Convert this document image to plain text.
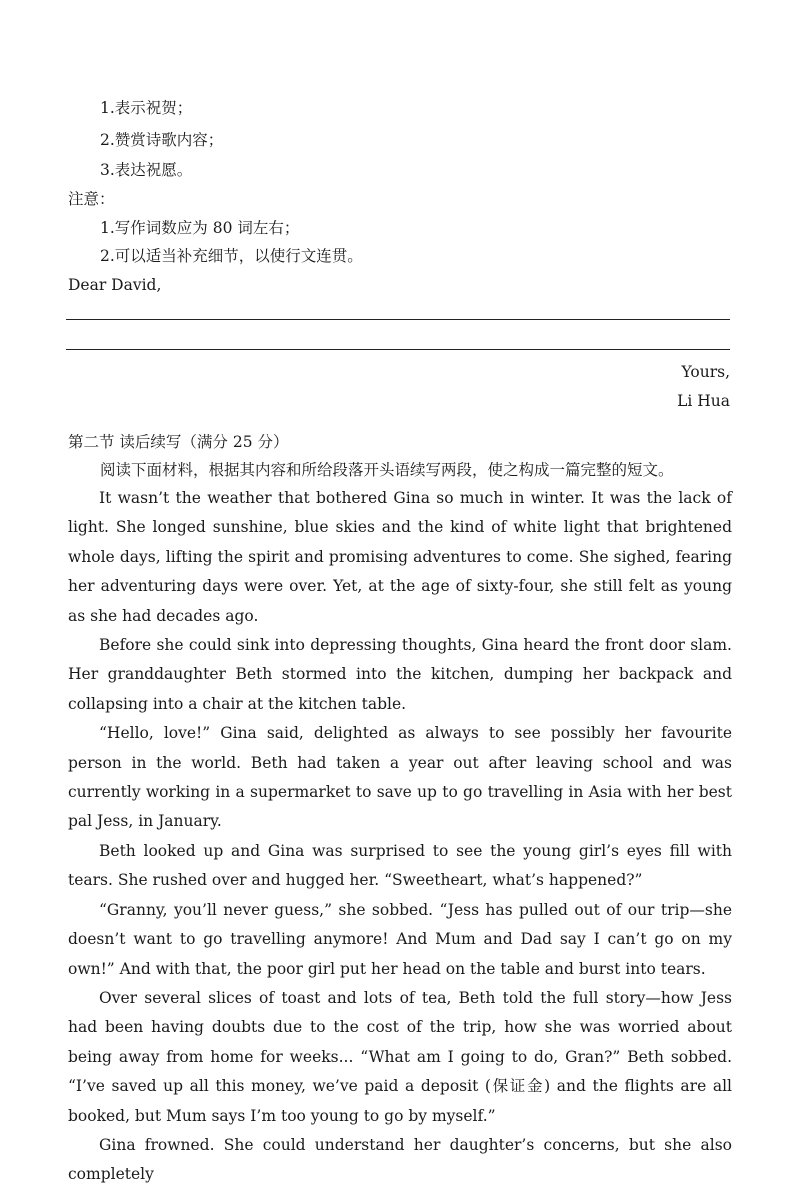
1.表示祝贺；
2.赞赏诗歌内容；
3.表达祝愿。
注意：
1.写作词数应为 80 词左右；
2.可以适当补充细节，以使行文连贯。
Dear David,
Yours,
Li Hua
第二节 读后续写（满分 25 分）
阅读下面材料，根据其内容和所给段落开头语续写两段，使之构成一篇完整的短文。

It wasn’t the weather that bothered Gina so much in winter. It was the lack of light. She longed sunshine, blue skies and the kind of white light that brightened whole days, lifting the spirit and promising adventures to come. She sighed, fearing her adventuring days were over. Yet, at the age of sixty-four, she still felt as young as she had decades ago.

Before she could sink into depressing thoughts, Gina heard the front door slam. Her granddaughter Beth stormed into the kitchen, dumping her backpack and collapsing into a chair at the kitchen table.

“Hello, love!” Gina said, delighted as always to see possibly her favourite person in the world. Beth had taken a year out after leaving school and was currently working in a supermarket to save up to go travelling in Asia with her best pal Jess, in January.

Beth looked up and Gina was surprised to see the young girl’s eyes fill with tears. She rushed over and hugged her. “Sweetheart, what’s happened?”

“Granny, you’ll never guess,” she sobbed. “Jess has pulled out of our trip—she doesn’t want to go travelling anymore! And Mum and Dad say I can’t go on my own!” And with that, the poor girl put her head on the table and burst into tears.

Over several slices of toast and lots of tea, Beth told the full story—how Jess had been having doubts due to the cost of the trip, how she was worried about being away from home for weeks... “What am I going to do, Gran?” Beth sobbed. “I’ve saved up all this money, we’ve paid a deposit (保证金) and the flights are all booked, but Mum says I’m too young to go by myself.”

Gina frowned. She could understand her daughter’s concerns, but she also completely
